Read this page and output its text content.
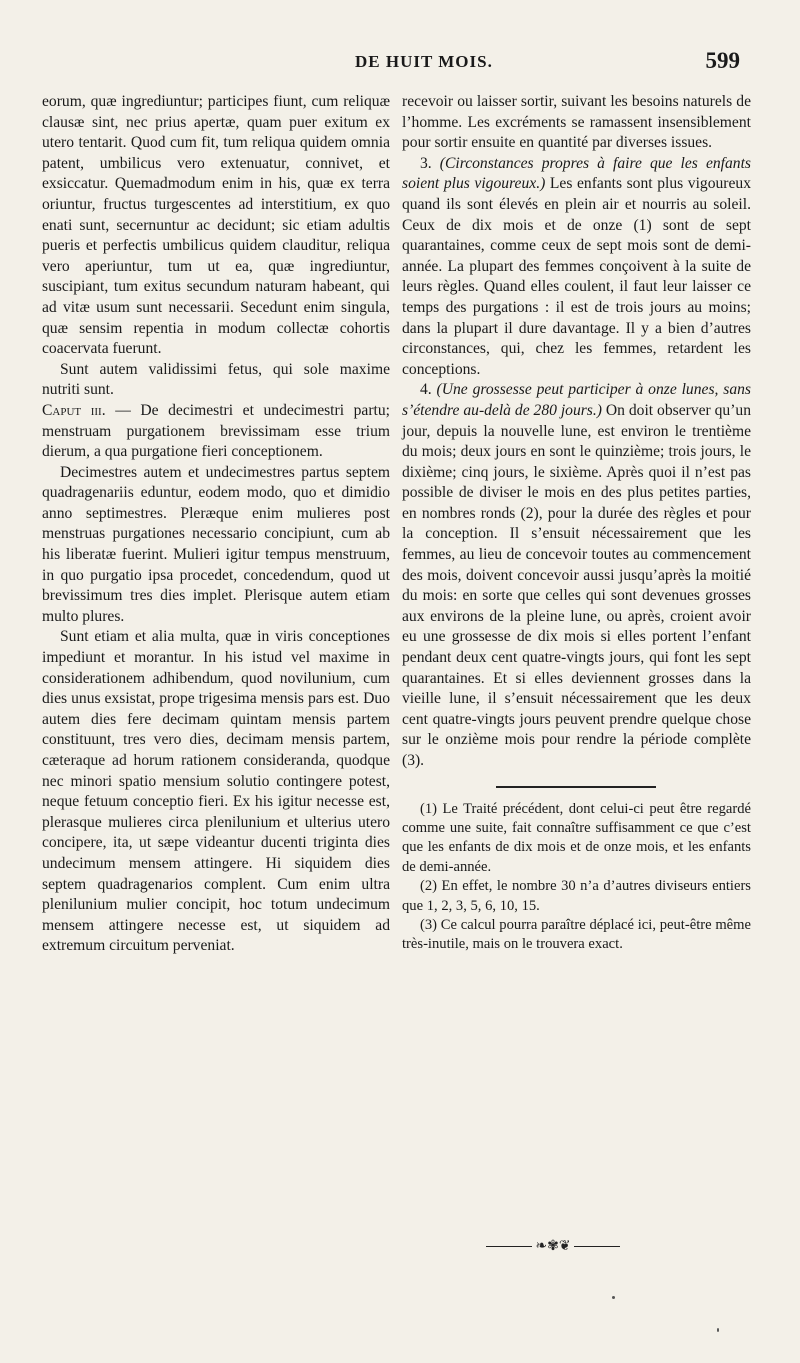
DE HUIT MOIS.	599

eorum, quæ ingrediuntur; participes fiunt, cum reliquæ clausæ sint, nec prius apertæ, quam puer exitum ex utero tentarit. Quod cum fit, tum reliqua quidem omnia patent, umbilicus vero extenuatur, connivet, et exsiccatur. Quemadmodum enim in his, quæ ex terra oriuntur, fructus turgescentes ad interstitium, ex quo enati sunt, secernuntur ac decidunt; sic etiam adultis pueris et perfectis umbilicus quidem clauditur, reliqua vero aperiuntur, tum ut ea, quæ ingrediuntur, suscipiant, tum exitus secundum naturam habeant, qui ad vitæ usum sunt necessarii. Secedunt enim singula, quæ sensim repentia in modum collectæ cohortis coacervata fuerunt.

Sunt autem validissimi fetus, qui sole maxime nutriti sunt.

Caput iii. — De decimestri et undecimestri partu; menstruam purgationem brevissimam esse trium dierum, a qua purgatione fieri conceptionem.

Decimestres autem et undecimestres partus septem quadragenariis eduntur, eodem modo, quo et dimidio anno septimestres. Pleræque enim mulieres post menstruas purgationes necessario concipiunt, cum ab his liberatæ fuerint. Mulieri igitur tempus menstruum, in quo purgatio ipsa procedet, concedendum, quod ut brevissimum tres dies implet. Plerisque autem etiam multo plures.

Sunt etiam et alia multa, quæ in viris conceptiones impediunt et morantur. In his istud vel maxime in considerationem adhibendum, quod novilunium, cum dies unus exsistat, prope trigesima mensis pars est. Duo autem dies fere decimam quintam mensis partem constituunt, tres vero dies, decimam mensis partem, cæteraque ad horum rationem consideranda, quodque nec minori spatio mensium solutio contingere potest, neque fetuum conceptio fieri. Ex his igitur necesse est, plerasque mulieres circa plenilunium et ulterius utero concipere, ita, ut sæpe videantur ducenti triginta dies undecimum mensem attingere. Hi siquidem dies septem quadragenarios complent. Cum enim ultra plenilunium mulier concipit, hoc totum undecimum mensem attingere necesse est, ut siquidem ad extremum circuitum perveniat.

recevoir ou laisser sortir, suivant les besoins naturels de l’homme. Les excréments se ramassent insensiblement pour sortir ensuite en quantité par diverses issues.

3. (Circonstances propres à faire que les enfants soient plus vigoureux.) Les enfants sont plus vigoureux quand ils sont élevés en plein air et nourris au soleil. Ceux de dix mois et de onze (1) sont de sept quarantaines, comme ceux de sept mois sont de demi-année. La plupart des femmes conçoivent à la suite de leurs règles. Quand elles coulent, il faut leur laisser ce temps des purgations : il est de trois jours au moins; dans la plupart il dure davantage. Il y a bien d’autres circonstances, qui, chez les femmes, retardent les conceptions.

4. (Une grossesse peut participer à onze lunes, sans s’étendre au-delà de 280 jours.) On doit observer qu’un jour, depuis la nouvelle lune, est environ le trentième du mois; deux jours en sont le quinzième; trois jours, le dixième; cinq jours, le sixième. Après quoi il n’est pas possible de diviser le mois en des plus petites parties, en nombres ronds (2), pour la durée des règles et pour la conception. Il s’ensuit nécessairement que les femmes, au lieu de concevoir toutes au commencement des mois, doivent concevoir aussi jusqu’après la moitié du mois: en sorte que celles qui sont devenues grosses aux environs de la pleine lune, ou après, croient avoir eu une grossesse de dix mois si elles portent l’enfant pendant deux cent quatre-vingts jours, qui font les sept quarantaines. Et si elles deviennent grosses dans la vieille lune, il s’ensuit nécessairement que les deux cent quatre-vingts jours peuvent prendre quelque chose sur le onzième mois pour rendre la période complète (3).

(1) Le Traité précédent, dont celui-ci peut être regardé comme une suite, fait connaître suffisamment ce que c’est que les enfants de dix mois et de onze mois, et les enfants de demi-année.

(2) En effet, le nombre 30 n’a d’autres diviseurs entiers que 1, 2, 3, 5, 6, 10, 15.

(3) Ce calcul pourra paraître déplacé ici, peut-être même très-inutile, mais on le trouvera exact.

❧✾❦
